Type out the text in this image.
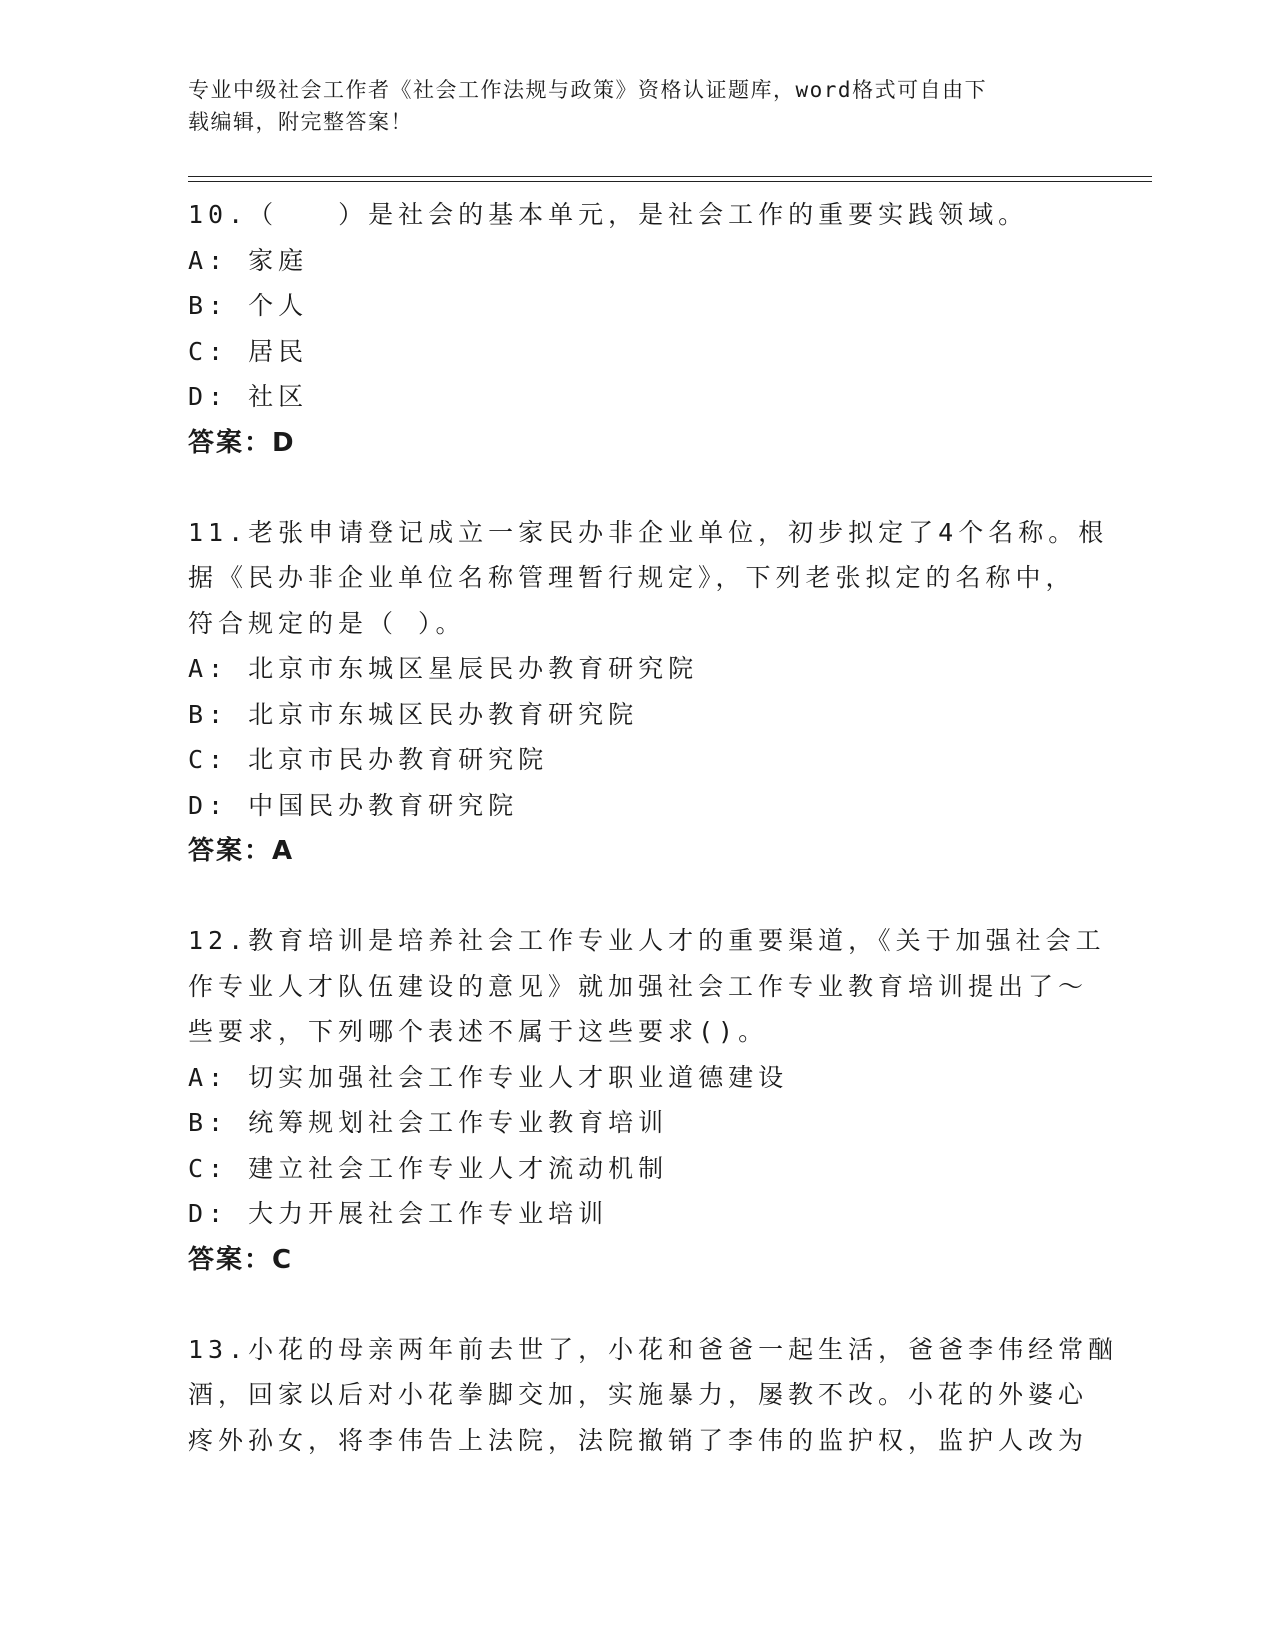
专业中级社会工作者《社会工作法规与政策》资格认证题库，word格式可自由下
载编辑，附完整答案！
10.（　　）是社会的基本单元，是社会工作的重要实践领域。
A: 家庭
B: 个人
C: 居民
D: 社区
答案：D
11.老张申请登记成立一家民办非企业单位，初步拟定了4个名称。根
据《民办非企业单位名称管理暂行规定》，下列老张拟定的名称中，
符合规定的是（ ）。
A: 北京市东城区星辰民办教育研究院
B: 北京市东城区民办教育研究院
C: 北京市民办教育研究院
D: 中国民办教育研究院
答案：A
12.教育培训是培养社会工作专业人才的重要渠道，《关于加强社会工
作专业人才队伍建设的意见》就加强社会工作专业教育培训提出了～
些要求，下列哪个表述不属于这些要求()。
A: 切实加强社会工作专业人才职业道德建设
B: 统筹规划社会工作专业教育培训
C: 建立社会工作专业人才流动机制
D: 大力开展社会工作专业培训
答案：C
13.小花的母亲两年前去世了，小花和爸爸一起生活，爸爸李伟经常酗
酒，回家以后对小花拳脚交加，实施暴力，屡教不改。小花的外婆心
疼外孙女，将李伟告上法院，法院撤销了李伟的监护权，监护人改为
